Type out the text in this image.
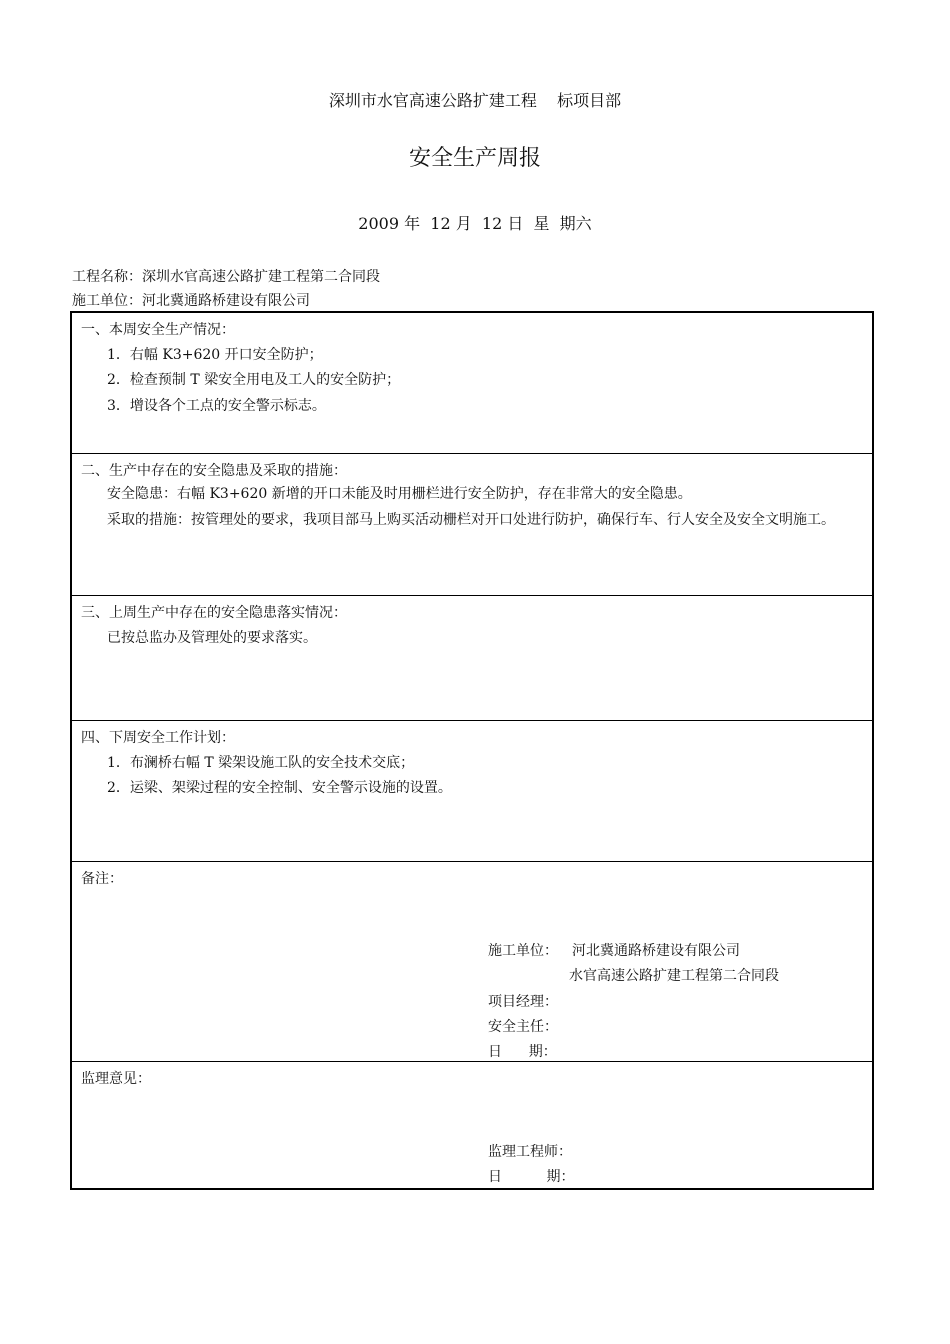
深圳市水官高速公路扩建工程    标项目部
安全生产周报
2009 年  12 月  12 日  星  期六
工程名称：深圳水官高速公路扩建工程第二合同段
施工单位：河北冀通路桥建设有限公司
一、本周安全生产情况：
1．右幅 K3+620 开口安全防护；
2．检查预制 T 梁安全用电及工人的安全防护；
3．增设各个工点的安全警示标志。
二、生产中存在的安全隐患及采取的措施：
安全隐患：右幅 K3+620 新增的开口未能及时用栅栏进行安全防护，存在非常大的安全隐患。
采取的措施：按管理处的要求，我项目部马上购买活动栅栏对开口处进行防护，确保行车、行人安全及安全文明施工。
三、上周生产中存在的安全隐患落实情况：
已按总监办及管理处的要求落实。
四、下周安全工作计划：
1．布澜桥右幅 T 梁架设施工队的安全技术交底；
2．运梁、架梁过程的安全控制、安全警示设施的设置。
备注：
施工单位： 河北冀通路桥建设有限公司
水官高速公路扩建工程第二合同段
项目经理：
安全主任：
日      期：
监理意见：
监理工程师：
日          期：
